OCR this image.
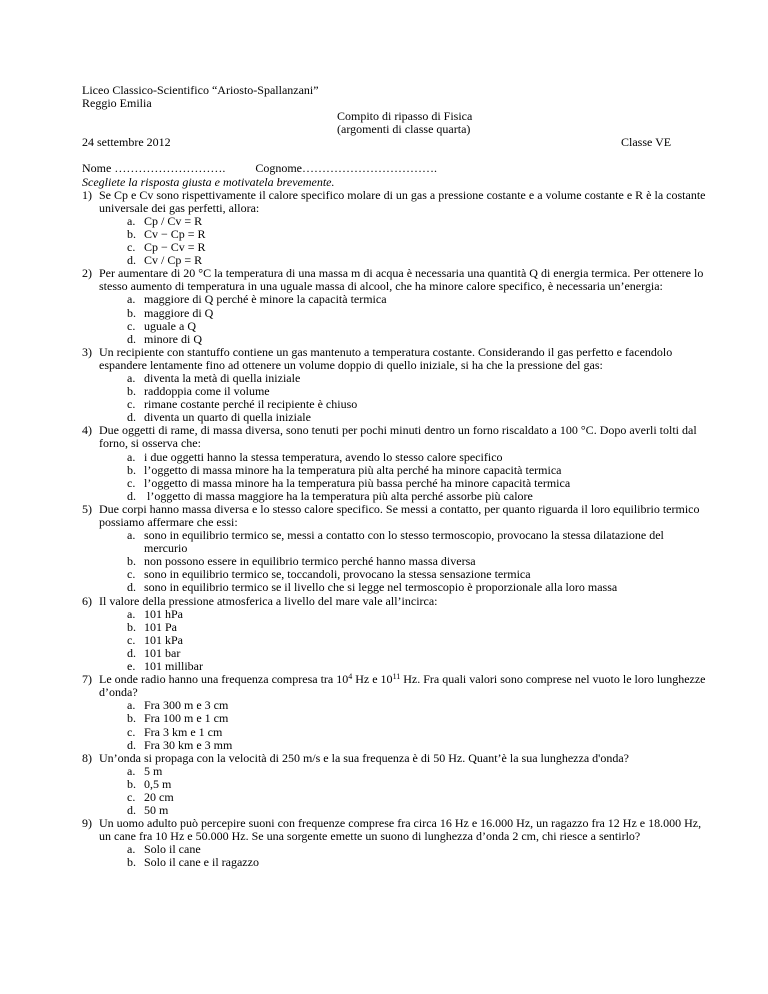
Liceo Classico-Scientifico “Ariosto-Spallanzani”
Reggio Emilia
Compito di ripasso di Fisica
(argomenti di classe quarta)
24 settembre 2012	Classe VE
Nome ……………………….          Cognome…………………………….
Scegliete la risposta giusta e motivatela brevemente.
1) Se Cp e Cv sono rispettivamente il calore specifico molare di un gas a pressione costante e a volume costante e R è la costante universale dei gas perfetti, allora:
a. Cp / Cv = R
b. Cv − Cp = R
c. Cp − Cv = R
d. Cv / Cp = R
2) Per aumentare di 20 °C la temperatura di una massa m di acqua è necessaria una quantità Q di energia termica. Per ottenere lo stesso aumento di temperatura in una uguale massa di alcool, che ha minore calore specifico, è necessaria un’energia:
a. maggiore di Q perché è minore la capacità termica
b. maggiore di Q
c. uguale a Q
d. minore di Q
3) Un recipiente con stantuffo contiene un gas mantenuto a temperatura costante. Considerando il gas perfetto e facendolo espandere lentamente fino ad ottenere un volume doppio di quello iniziale, si ha che la pressione del gas:
a. diventa la metà di quella iniziale
b. raddoppia come il volume
c. rimane costante perché il recipiente è chiuso
d. diventa un quarto di quella iniziale
4) Due oggetti di rame, di massa diversa, sono tenuti per pochi minuti dentro un forno riscaldato a 100 °C. Dopo averli tolti dal forno, si osserva che:
a. i due oggetti hanno la stessa temperatura, avendo lo stesso calore specifico
b. l’oggetto di massa minore ha la temperatura più alta perché ha minore capacità termica
c. l’oggetto di massa minore ha la temperatura più bassa perché ha minore capacità termica
d. l’oggetto di massa maggiore ha la temperatura più alta perché assorbe più calore
5) Due corpi hanno massa diversa e lo stesso calore specifico. Se messi a contatto, per quanto riguarda il loro equilibrio termico possiamo affermare che essi:
a. sono in equilibrio termico se, messi a contatto con lo stesso termoscopio, provocano la stessa dilatazione del mercurio
b. non possono essere in equilibrio termico perché hanno massa diversa
c. sono in equilibrio termico se, toccandoli, provocano la stessa sensazione termica
d. sono in equilibrio termico se il livello che si legge nel termoscopio è proporzionale alla loro massa
6) Il valore della pressione atmosferica a livello del mare vale all’incirca:
a. 101 hPa
b. 101 Pa
c. 101 kPa
d. 101 bar
e. 101 millibar
7) Le onde radio hanno una frequenza compresa tra $10^4$ Hz e $10^{11}$ Hz. Fra quali valori sono comprese nel vuoto le loro lunghezze d’onda?
a. Fra 300 m e 3 cm
b. Fra 100 m e 1 cm
c. Fra 3 km e 1 cm
d. Fra 30 km e 3 mm
8) Un’onda si propaga con la velocità di 250 m/s e la sua frequenza è di 50 Hz. Quant’è la sua lunghezza d'onda?
a. 5 m
b. 0,5 m
c. 20 cm
d. 50 m
9) Un uomo adulto può percepire suoni con frequenze comprese fra circa 16 Hz e 16.000 Hz, un ragazzo fra 12 Hz e 18.000 Hz, un cane fra 10 Hz e 50.000 Hz. Se una sorgente emette un suono di lunghezza d’onda 2 cm, chi riesce a sentirlo?
a. Solo il cane
b. Solo il cane e il ragazzo
